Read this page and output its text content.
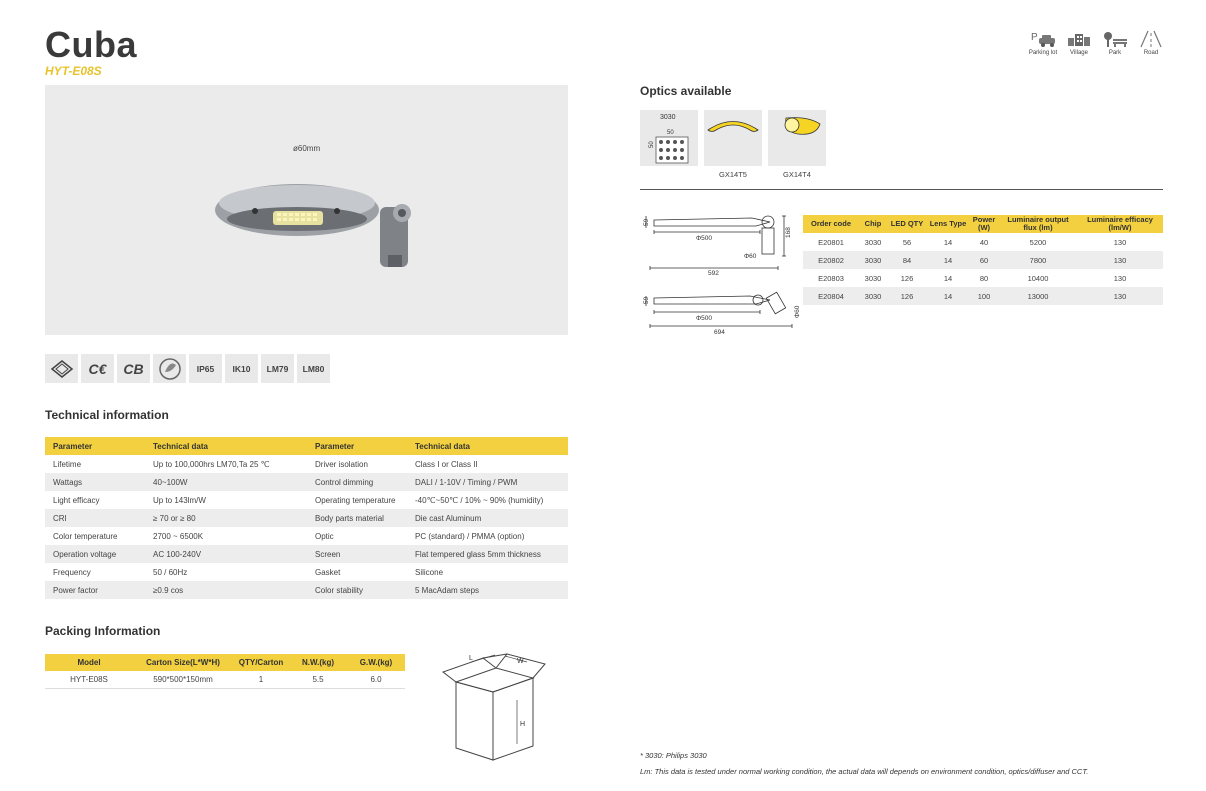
Cuba
HYT-E08S
P
Parking lot Village	Park	Road
ø60mm
C€	CB	IP65	IK10	LM79	LM80
Technical information
Parameter	Technical data	Parameter	Technical data
Lifetime	Up to 100,000hrs LM70,Ta 25 ℃	Driver isolation	Class I or Class II
Wattags	40~100W	Control dimming	DALI / 1-10V / Timing / PWM
Light efficacy	Up to 143lm/W	Operating temperature	-40℃~50℃ / 10% ~ 90% (humidity)
CRI	≥ 70 or ≥ 80	Body parts material	Die cast Aluminum
Color temperature	2700 ~ 6500K	Optic	PC (standard) / PMMA (option)
Operation voltage	AC 100-240V	Screen	Flat tempered glass 5mm thickness
Frequency	50 / 60Hz	Gasket	Silicone
Power factor	≥0.9 cos	Color stability	5 MacAdam steps
Packing Information
Model	Carton Size(L*W*H)	QTY/Carton	N.W.(kg)	G.W.(kg)
HYT-E08S	590*500*150mm	1	5.5	6.0
L	W
H
Optics available
3030
50
50
GX14T5	GX14T4
59
Φ500
Φ60
592
168
59
Φ500
694
Φ60
Order code	Chip	LED QTY	Lens Type	Power (W)	Luminaire output flux (lm)	Luminaire efficacy (lm/W)
E20801	3030	56	14	40	5200	130
E20802	3030	84	14	60	7800	130
E20803	3030	126	14	80	10400	130
E20804	3030	126	14	100	13000	130
* 3030: Philips 3030
Lm: This data is tested under normal working condition, the actual data will depends on environment condition, optics/diffuser and CCT.
